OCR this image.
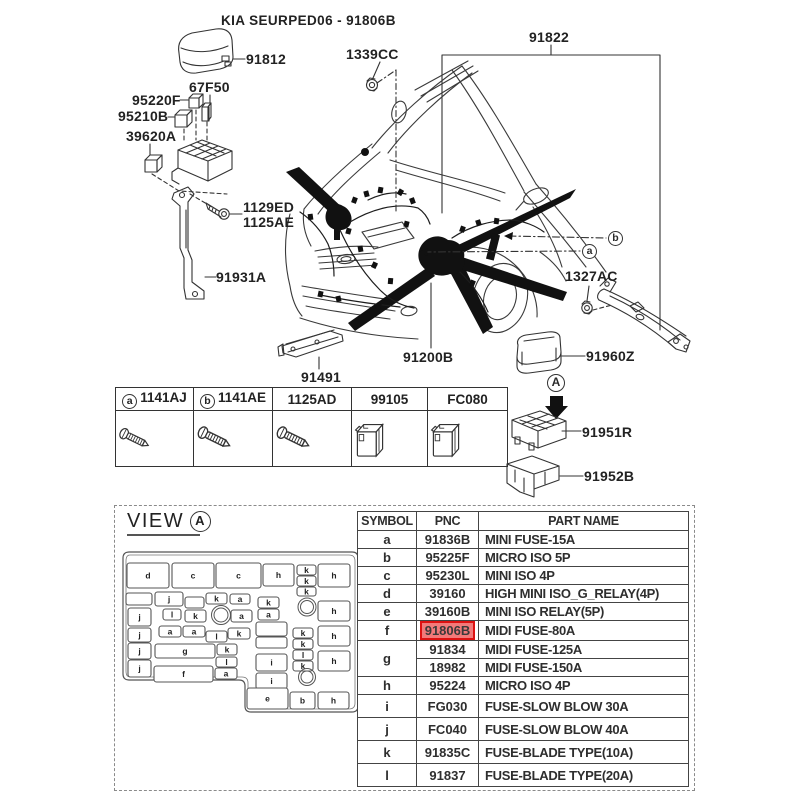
KIA SEURPED06 - 91806B
91812	1339CC
91822
67F50
95220F
95210B
39620A
1129ED
1125AE
91931A
91491
91200B
1327AC
91960Z
91951R
91952B
b
a
A
a 1141AJ	b 1141AE	1125AD	99105	FC080

VIEW A
d	c	c	h	k
k
k
h
j
j
j
j
j	k a
l k	a
a a l k
g	k
l
f	a
k
a
i
i
k
k
l
k
h
h
h
h
e	b
SYMBOL	PNC	PART NAME
a	91836B	MINI FUSE-15A
b	95225F	MICRO ISO 5P
c	95230L	MINI ISO 4P
d	39160	HIGH MINI ISO_G_RELAY(4P)
e	39160B	MINI ISO RELAY(5P)
f	91806B	MIDI FUSE-80A
g	91834	MIDI FUSE-125A
	18982	MIDI FUSE-150A
h	95224	MICRO ISO 4P
i	FG030	FUSE-SLOW BLOW 30A
j	FC040	FUSE-SLOW BLOW 40A
k	91835C	FUSE-BLADE TYPE(10A)
l	91837	FUSE-BLADE TYPE(20A)
